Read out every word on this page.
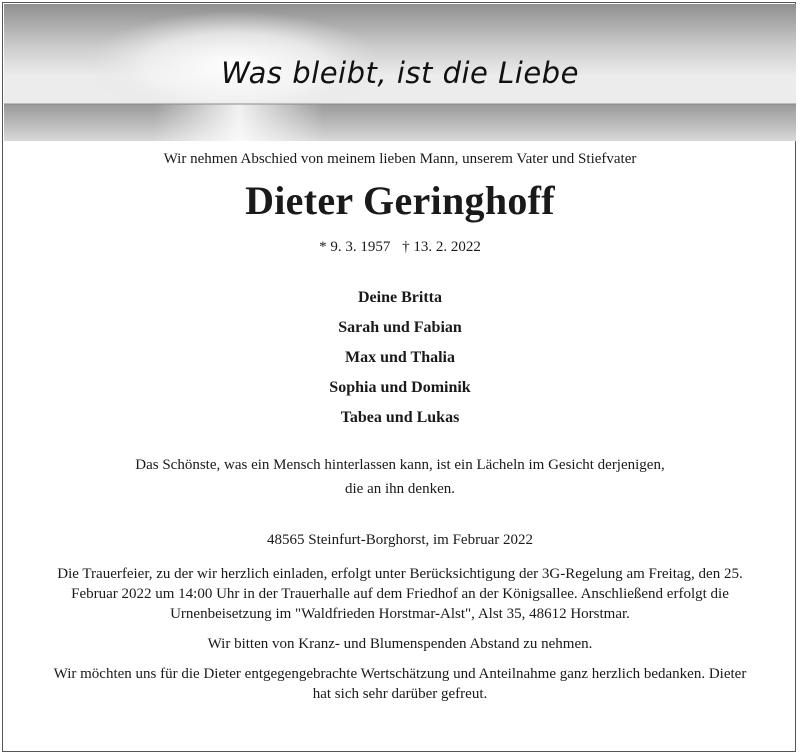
Was bleibt, ist die Liebe

Wir nehmen Abschied von meinem lieben Mann, unserem Vater und Stiefvater

Dieter Geringhoff

* 9. 3. 1957 † 13. 2. 2022

Deine Britta
Sarah und Fabian
Max und Thalia
Sophia und Dominik
Tabea und Lukas
Das Schönste, was ein Mensch hinterlassen kann, ist ein Lächeln im Gesicht derjenigen,
die an ihn denken.

48565 Steinfurt-Borghorst, im Februar 2022

Die Trauerfeier, zu der wir herzlich einladen, erfolgt unter Berücksichtigung der 3G-Regelung am Freitag, den 25. Februar 2022 um 14:00 Uhr in der Trauerhalle auf dem Friedhof an der Königsallee. Anschließend erfolgt die Urnenbeisetzung im "Waldfrieden Horstmar-Alst", Alst 35, 48612 Horstmar.

Wir bitten von Kranz- und Blumenspenden Abstand zu nehmen.

Wir möchten uns für die Dieter entgegengebrachte Wertschätzung und Anteilnahme ganz herzlich bedanken. Dieter hat sich sehr darüber gefreut.
